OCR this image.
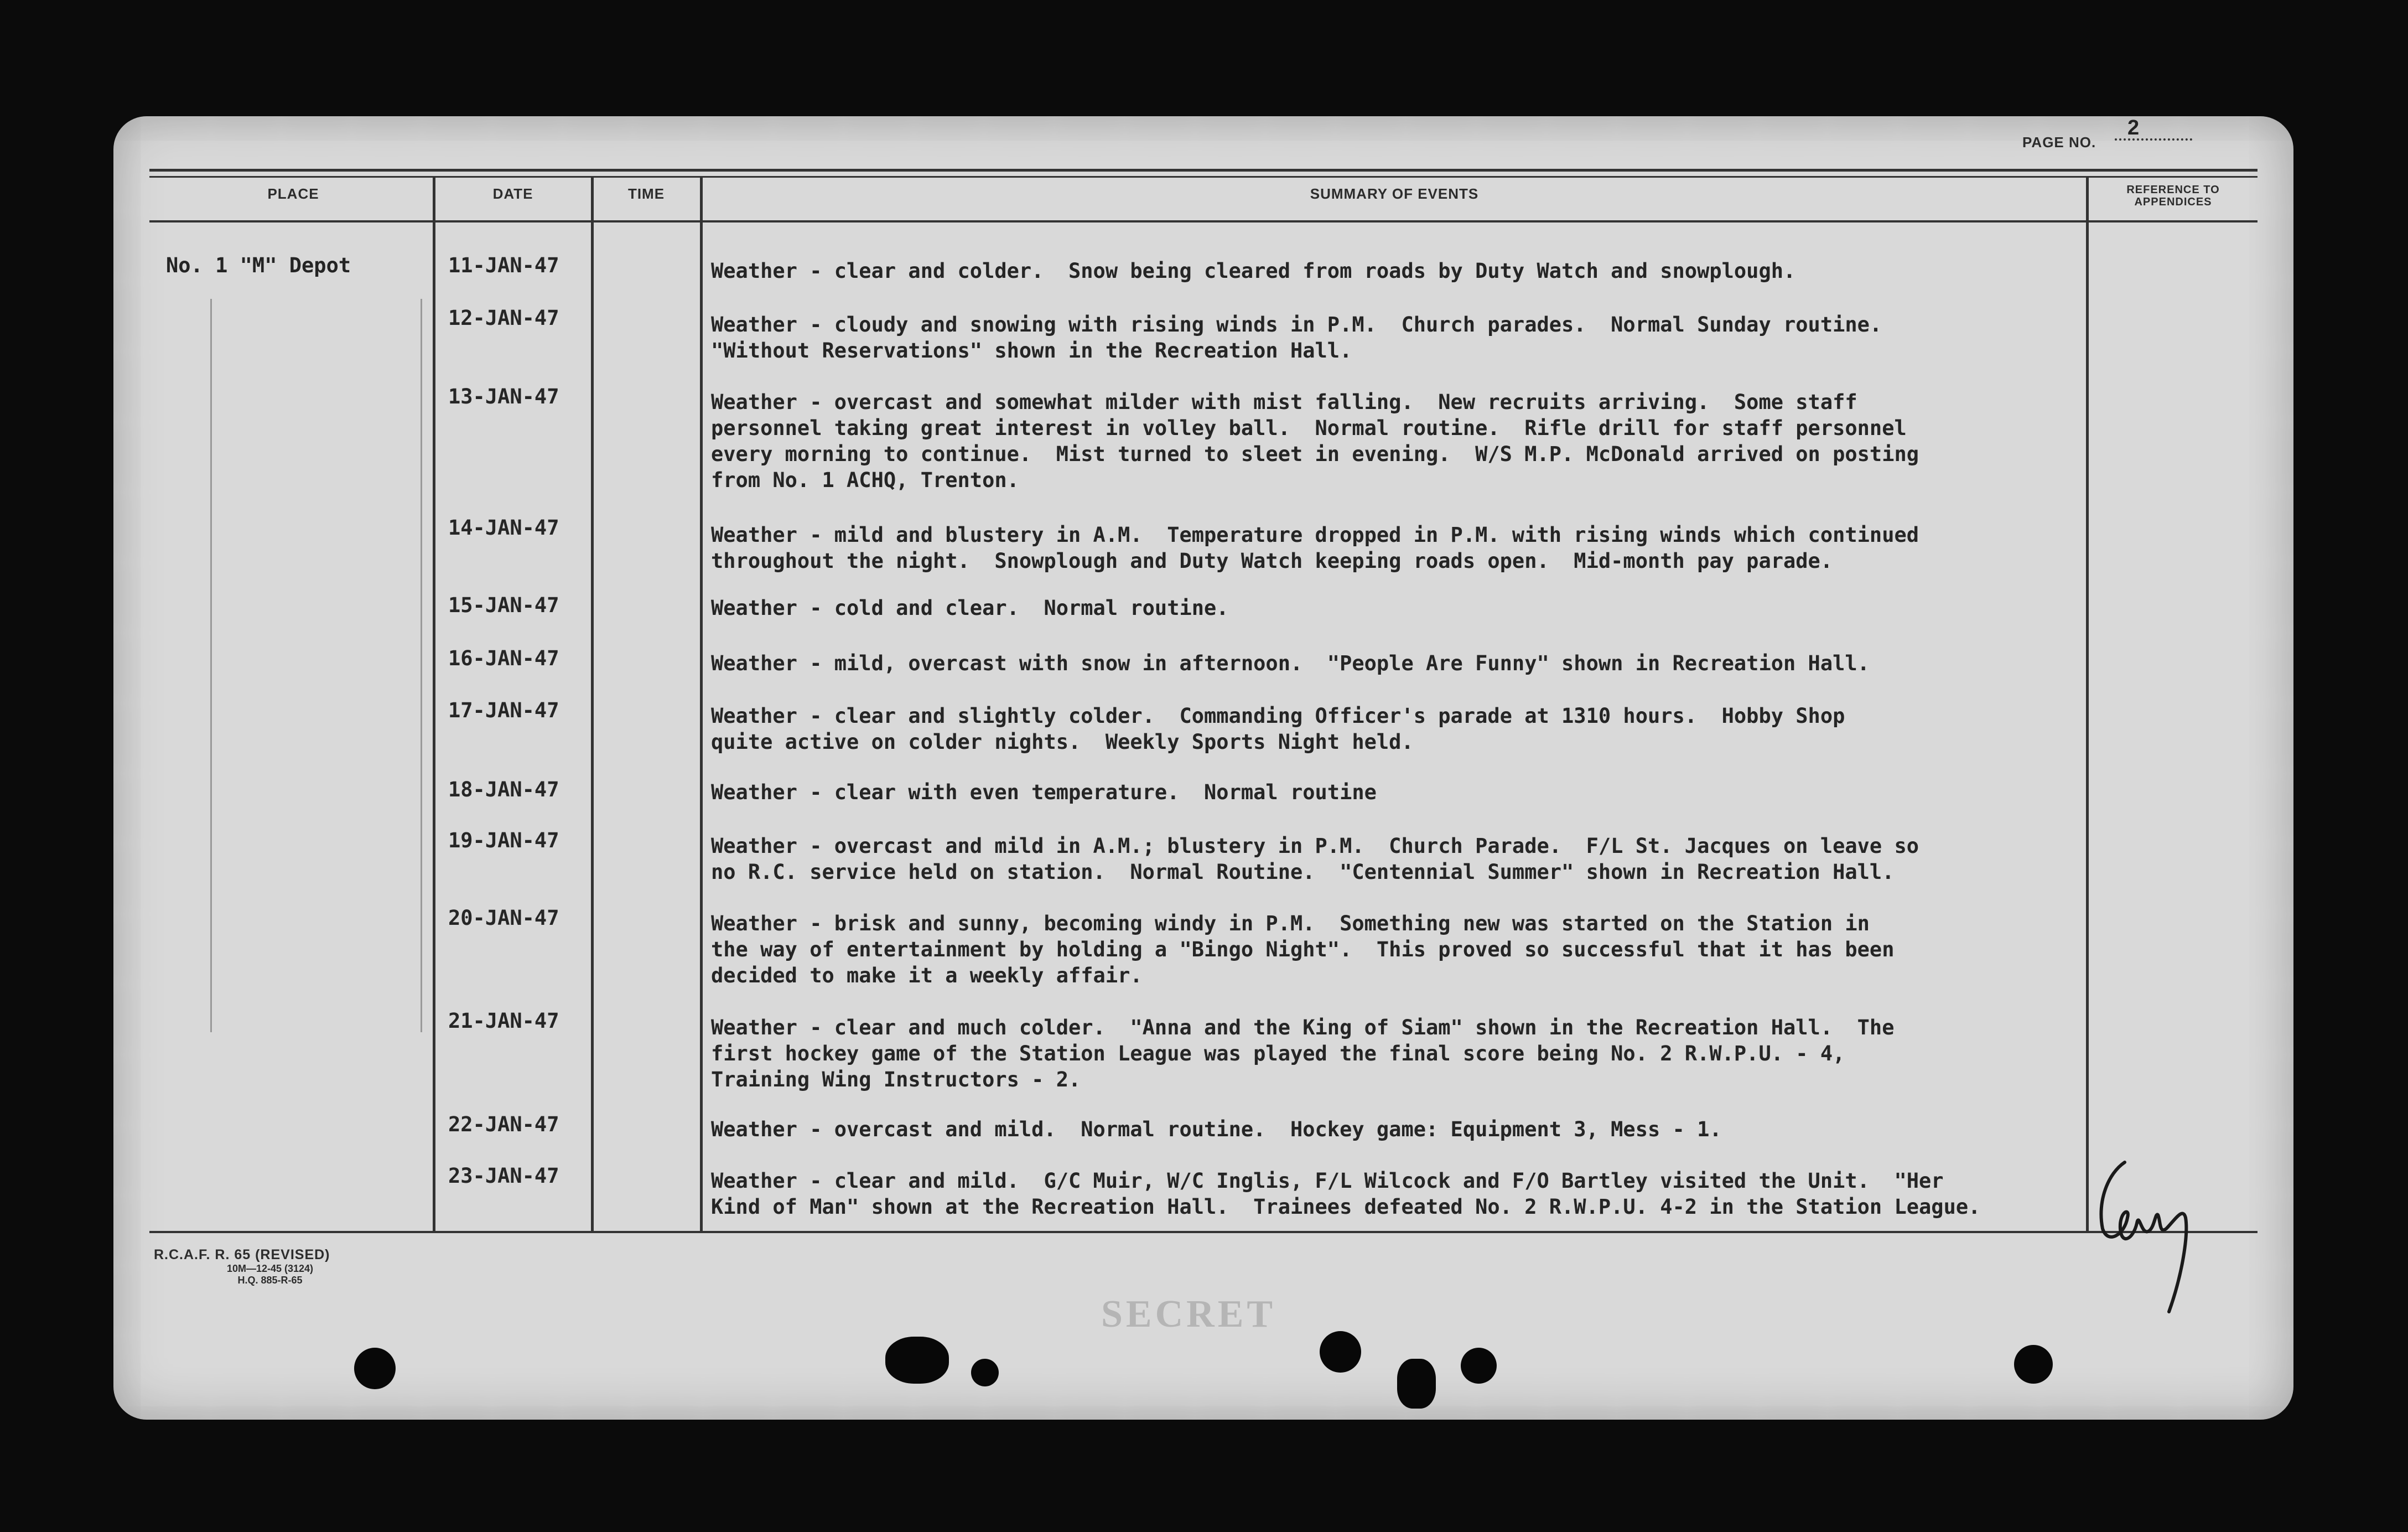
PAGE NO.
2
PLACE	DATE	TIME	SUMMARY OF EVENTS	REFERENCE TO
APPENDICES
No. 1 "M" Depot	11-JAN-47	Weather - clear and colder.  Snow being cleared from roads by Duty Watch and snowplough.
12-JAN-47	Weather - cloudy and snowing with rising winds in P.M.  Church parades.  Normal Sunday routine.
"Without Reservations" shown in the Recreation Hall.
13-JAN-47	Weather - overcast and somewhat milder with mist falling.  New recruits arriving.  Some staff
personnel taking great interest in volley ball.  Normal routine.  Rifle drill for staff personnel
every morning to continue.  Mist turned to sleet in evening.  W/S M.P. McDonald arrived on posting
from No. 1 ACHQ, Trenton.
14-JAN-47	Weather - mild and blustery in A.M.  Temperature dropped in P.M. with rising winds which continued
throughout the night.  Snowplough and Duty Watch keeping roads open.  Mid-month pay parade.
15-JAN-47	Weather - cold and clear.  Normal routine.
16-JAN-47	Weather - mild, overcast with snow in afternoon.  "People Are Funny" shown in Recreation Hall.
17-JAN-47	Weather - clear and slightly colder.  Commanding Officer's parade at 1310 hours.  Hobby Shop
quite active on colder nights.  Weekly Sports Night held.
18-JAN-47	Weather - clear with even temperature.  Normal routine
19-JAN-47	Weather - overcast and mild in A.M.; blustery in P.M.  Church Parade.  F/L St. Jacques on leave so
no R.C. service held on station.  Normal Routine.  "Centennial Summer" shown in Recreation Hall.
20-JAN-47	Weather - brisk and sunny, becoming windy in P.M.  Something new was started on the Station in
the way of entertainment by holding a "Bingo Night".  This proved so successful that it has been
decided to make it a weekly affair.
21-JAN-47	Weather - clear and much colder.  "Anna and the King of Siam" shown in the Recreation Hall.  The
first hockey game of the Station League was played the final score being No. 2 R.W.P.U. - 4,
Training Wing Instructors - 2.
22-JAN-47	Weather - overcast and mild.  Normal routine.  Hockey game: Equipment 3, Mess - 1.
23-JAN-47	Weather - clear and mild.  G/C Muir, W/C Inglis, F/L Wilcock and F/O Bartley visited the Unit.  "Her
Kind of Man" shown at the Recreation Hall.  Trainees defeated No. 2 R.W.P.U. 4-2 in the Station League.
R.C.A.F. R. 65 (REVISED)
10M—12-45 (3124)
H.Q. 885-R-65
SECRET
